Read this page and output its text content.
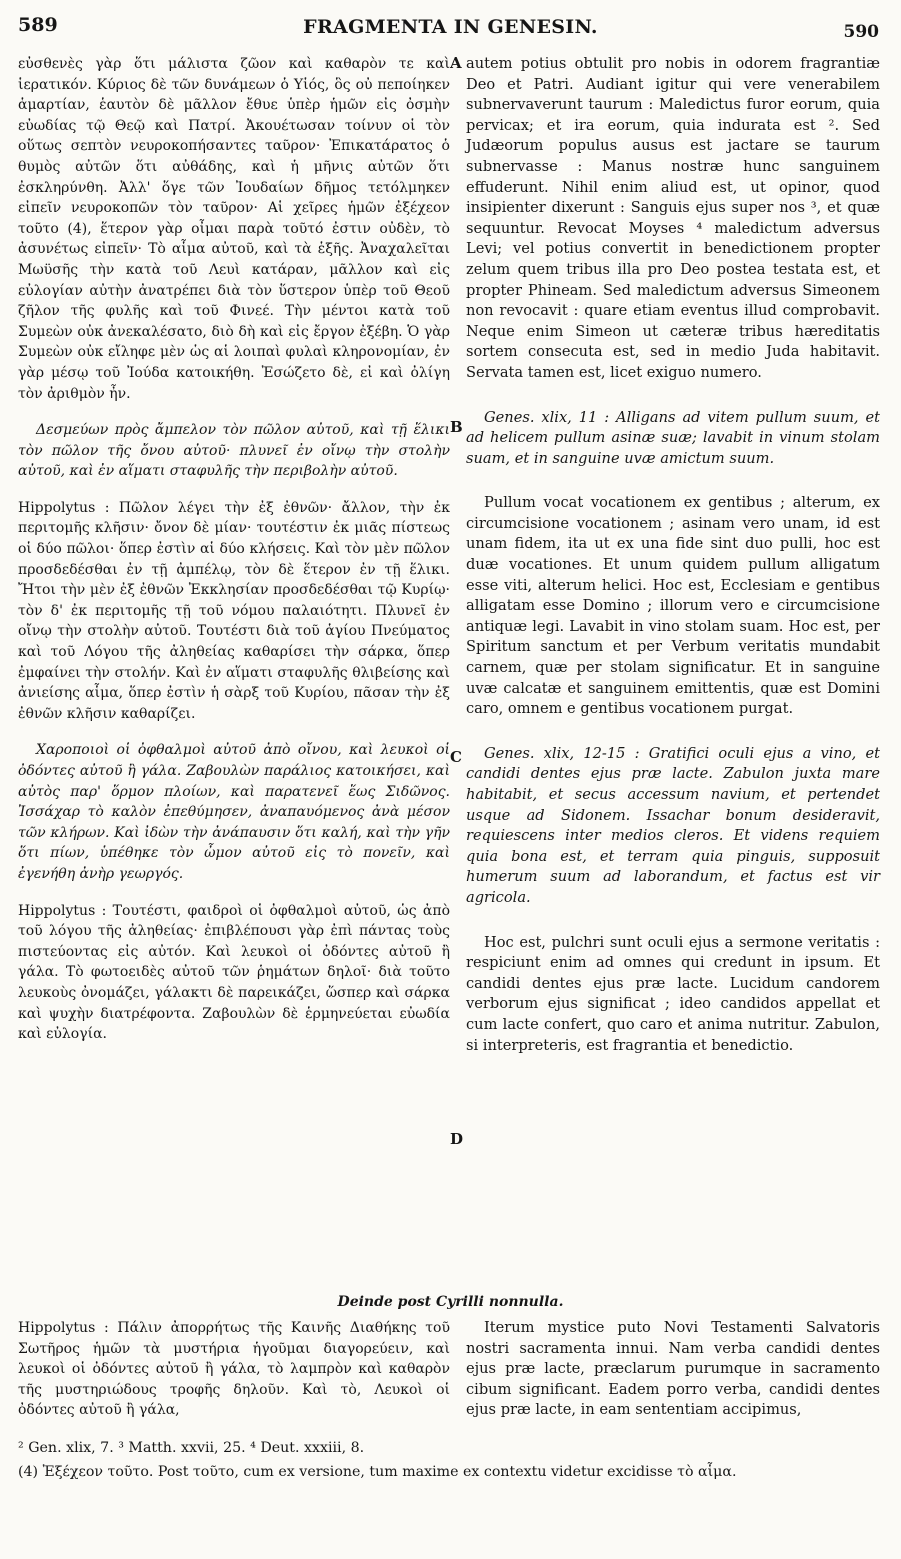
589	FRAGMENTA IN GENESIN.	590

εὐσθενὲς γὰρ ὅτι μάλιστα ζῶον καὶ καθαρὸν τε καὶ ἱερατικόν. Κύριος δὲ τῶν δυνάμεων ὁ Υἱός, ὃς οὐ πεποίηκεν ἁμαρτίαν, ἑαυτὸν δὲ μᾶλλον ἔθυε ὑπὲρ ἡμῶν εἰς ὀσμὴν εὐωδίας τῷ Θεῷ καὶ Πατρί. Ἀκουέτωσαν τοίνυν οἱ τὸν οὕτως σεπτὸν νευροκοπήσαντες ταῦρον· Ἐπικατάρατος ὁ θυμὸς αὐτῶν ὅτι αὐθάδης, καὶ ἡ μῆνις αὐτῶν ὅτι ἐσκληρύνθη. Ἀλλ' ὅγε τῶν Ἰουδαίων δῆμος τετόλμηκεν εἰπεῖν νευροκοπῶν τὸν ταῦρον· Αἱ χεῖρες ἡμῶν ἐξέχεον τοῦτο (4), ἕτερον γὰρ οἶμαι παρὰ τοῦτό ἐστιν οὐδὲν, τὸ ἀσυνέτως εἰπεῖν· Τὸ αἷμα αὐτοῦ, καὶ τὰ ἑξῆς. Ἀναχαλεῖται Μωϋσῆς τὴν κατὰ τοῦ Λευὶ κατάραν, μᾶλλον καὶ εἰς εὐλογίαν αὐτὴν ἀνατρέπει διὰ τὸν ὕστερον ὑπὲρ τοῦ Θεοῦ ζῆλον τῆς φυλῆς καὶ τοῦ Φινεέ. Τὴν μέντοι κατὰ τοῦ Συμεὼν οὐκ ἀνεκαλέσατο, διὸ δὴ καὶ εἰς ἔργον ἐξέβη. Ὁ γὰρ Συμεὼν οὐκ εἴληφε μὲν ὡς αἱ λοιπαὶ φυλαὶ κληρονομίαν, ἐν γὰρ μέσῳ τοῦ Ἰούδα κατοικήθη. Ἐσώζετο δὲ, εἰ καὶ ὀλίγη τὸν ἀριθμὸν ἦν.

Δεσμεύων πρὸς ἄμπελον τὸν πῶλον αὐτοῦ, καὶ τῇ ἕλικι τὸν πῶλον τῆς ὄνου αὐτοῦ· πλυνεῖ ἐν οἴνῳ τὴν στολὴν αὐτοῦ, καὶ ἐν αἵματι σταφυλῆς τὴν περιβολὴν αὐτοῦ.

Hippolytus : Πῶλον λέγει τὴν ἐξ ἐθνῶν· ἄλλον, τὴν ἐκ περιτομῆς κλῆσιν· ὄνον δὲ μίαν· τουτέστιν ἐκ μιᾶς πίστεως οἱ δύο πῶλοι· ὅπερ ἐστὶν αἱ δύο κλήσεις. Καὶ τὸν μὲν πῶλον προσδεδέσθαι ἐν τῇ ἀμπέλῳ, τὸν δὲ ἕτερον ἐν τῇ ἕλικι. Ἤτοι τὴν μὲν ἐξ ἐθνῶν Ἐκκλησίαν προσδεδέσθαι τῷ Κυρίῳ· τὸν δ' ἐκ περιτομῆς τῇ τοῦ νόμου παλαιότητι. Πλυνεῖ ἐν οἴνῳ τὴν στολὴν αὐτοῦ. Τουτέστι διὰ τοῦ ἁγίου Πνεύματος καὶ τοῦ Λόγου τῆς ἀληθείας καθαρίσει τὴν σάρκα, ὅπερ ἐμφαίνει τὴν στολήν. Καὶ ἐν αἵματι σταφυλῆς θλιβείσης καὶ ἀνιείσης αἷμα, ὅπερ ἐστὶν ἡ σὰρξ τοῦ Κυρίου, πᾶσαν τὴν ἐξ ἐθνῶν κλῆσιν καθαρίζει.

Χαροποιοὶ οἱ ὀφθαλμοὶ αὐτοῦ ἀπὸ οἴνου, καὶ λευκοὶ οἱ ὀδόντες αὐτοῦ ἢ γάλα. Ζαβουλὼν παράλιος κατοικήσει, καὶ αὐτὸς παρ' ὅρμον πλοίων, καὶ παρατενεῖ ἕως Σιδῶνος. Ἰσσάχαρ τὸ καλὸν ἐπεθύμησεν, ἀναπαυόμενος ἀνὰ μέσον τῶν κλήρων. Καὶ ἰδὼν τὴν ἀνάπαυσιν ὅτι καλή, καὶ τὴν γῆν ὅτι πίων, ὑπέθηκε τὸν ὦμον αὐτοῦ εἰς τὸ πονεῖν, καὶ ἐγενήθη ἀνὴρ γεωργός.

Hippolytus : Τουτέστι, φαιδροὶ οἱ ὀφθαλμοὶ αὐτοῦ, ὡς ἀπὸ τοῦ λόγου τῆς ἀληθείας· ἐπιβλέπουσι γὰρ ἐπὶ πάντας τοὺς πιστεύοντας εἰς αὐτόν. Καὶ λευκοὶ οἱ ὀδόντες αὐτοῦ ἢ γάλα. Τὸ φωτοειδὲς αὐτοῦ τῶν ῥημάτων δηλοῖ· διὰ τοῦτο λευκοὺς ὀνομάζει, γάλακτι δὲ παρεικάζει, ὥσπερ καὶ σάρκα καὶ ψυχὴν διατρέφοντα. Ζαβουλὼν δὲ ἑρμηνεύεται εὐωδία καὶ εὐλογία.

autem potius obtulit pro nobis in odorem fragrantiæ Deo et Patri. Audiant igitur qui vere venerabilem subnervaverunt taurum : Maledictus furor eorum, quia pervicax; et ira eorum, quia indurata est ². Sed Judæorum populus ausus est jactare se taurum subnervasse : Manus nostræ hunc sanguinem effuderunt. Nihil enim aliud est, ut opinor, quod insipienter dixerunt : Sanguis ejus super nos ³, et quæ sequuntur. Revocat Moyses ⁴ maledictum adversus Levi; vel potius convertit in benedictionem propter zelum quem tribus illa pro Deo postea testata est, et propter Phineam. Sed maledictum adversus Simeonem non revocavit : quare etiam eventus illud comprobavit. Neque enim Simeon ut cæteræ tribus hæreditatis sortem consecuta est, sed in medio Juda habitavit. Servata tamen est, licet exiguo numero.

Genes. xlix, 11 : Alligans ad vitem pullum suum, et ad helicem pullum asinæ suæ; lavabit in vinum stolam suam, et in sanguine uvæ amictum suum.

Pullum vocat vocationem ex gentibus ; alterum, ex circumcisione vocationem ; asinam vero unam, id est unam fidem, ita ut ex una fide sint duo pulli, hoc est duæ vocationes. Et unum quidem pullum alligatum esse viti, alterum helici. Hoc est, Ecclesiam e gentibus alligatam esse Domino ; illorum vero e circumcisione antiquæ legi. Lavabit in vino stolam suam. Hoc est, per Spiritum sanctum et per Verbum veritatis mundabit carnem, quæ per stolam significatur. Et in sanguine uvæ calcatæ et sanguinem emittentis, quæ est Domini caro, omnem e gentibus vocationem purgat.

Genes. xlix, 12-15 : Gratifici oculi ejus a vino, et candidi dentes ejus præ lacte. Zabulon juxta mare habitabit, et secus accessum navium, et pertendet usque ad Sidonem. Issachar bonum desideravit, requiescens inter medios cleros. Et videns requiem quia bona est, et terram quia pinguis, supposuit humerum suum ad laborandum, et factus est vir agricola.

Hoc est, pulchri sunt oculi ejus a sermone veritatis : respiciunt enim ad omnes qui credunt in ipsum. Et candidi dentes ejus præ lacte. Lucidum candorem verborum ejus significat ; ideo candidos appellat et cum lacte confert, quo caro et anima nutritur. Zabulon, si interpreteris, est fragrantia et benedictio.

A
B
C
D
Deinde post Cyrilli nonnulla.

Hippolytus : Πάλιν ἀπορρήτως τῆς Καινῆς Διαθήκης τοῦ Σωτῆρος ἡμῶν τὰ μυστήρια ἡγοῦμαι διαγορεύειν, καὶ λευκοὶ οἱ ὀδόντες αὐτοῦ ἢ γάλα, τὸ λαμπρὸν καὶ καθαρὸν τῆς μυστηριώδους τροφῆς δηλοῦν. Καὶ τὸ, Λευκοὶ οἱ ὀδόντες αὐτοῦ ἢ γάλα,

Iterum mystice puto Novi Testamenti Salvatoris nostri sacramenta innui. Nam verba candidi dentes ejus præ lacte, præclarum purumque in sacramento cibum significant. Eadem porro verba, candidi dentes ejus præ lacte, in eam sententiam accipimus,

² Gen. xlix, 7. ³ Matth. xxvii, 25. ⁴ Deut. xxxiii, 8.
(4) Ἐξέχεον τοῦτο. Post τοῦτο, cum ex versione, tum maxime ex contextu videtur excidisse τὸ αἷμα.
